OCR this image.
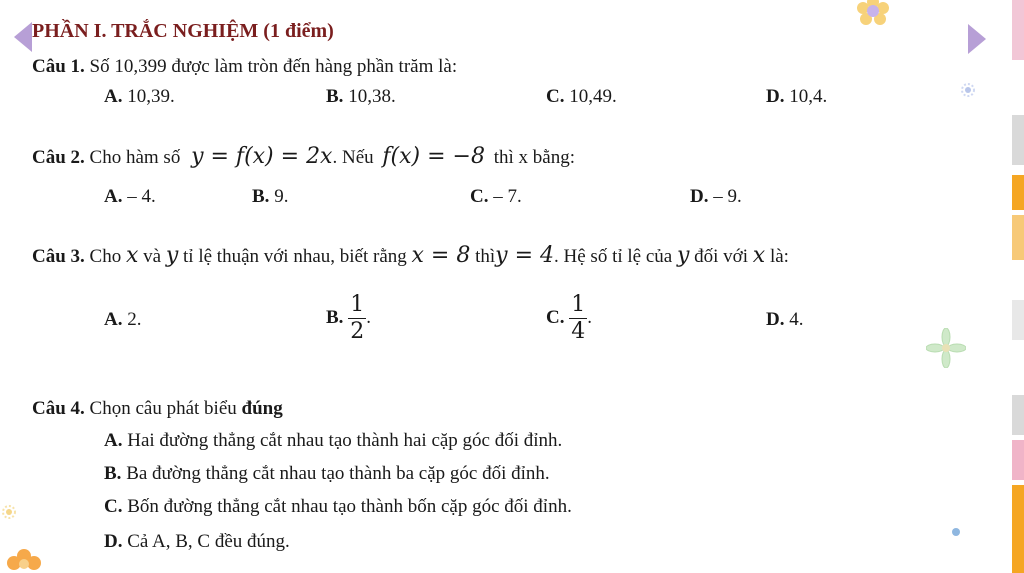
PHẦN I. TRẮC NGHIỆM (1 điểm)
Câu 1. Số 10,399 được làm tròn đến hàng phần trăm là:
A. 10,39.	B. 10,38.	C. 10,49.	D. 10,4.
Câu 2. Cho hàm số y = f(x) = 2x. Nếu f(x) = −8 thì x bằng:
A. – 4.	B. 9.	C. – 7.	D. – 9.
Câu 3. Cho x và y tỉ lệ thuận với nhau, biết rằng x = 8 thìy = 4. Hệ số tỉ lệ của y đối với x là:
A. 2.	B. $\frac{1}{2}$ .	C. $\frac{1}{4}$ .	D. 4.
Câu 4. Chọn câu phát biểu đúng
A. Hai đường thẳng cắt nhau tạo thành hai cặp góc đối đỉnh.
B. Ba đường thẳng cắt nhau tạo thành ba cặp góc đối đỉnh.
C. Bốn đường thẳng cắt nhau tạo thành bốn cặp góc đối đỉnh.
D. Cả A, B, C đều đúng.
